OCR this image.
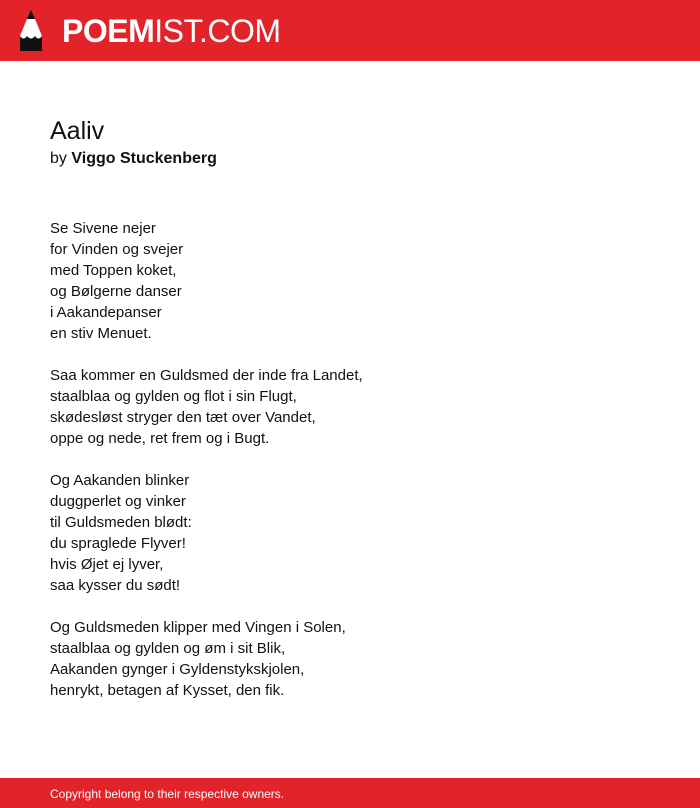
POEMIST.COM
Aaliv
by Viggo Stuckenberg
Se Sivene nejer
for Vinden og svejer
med Toppen koket,
og Bølgerne danser
i Aakandepanser
en stiv Menuet.
Saa kommer en Guldsmed der inde fra Landet,
staalblaa og gylden og flot i sin Flugt,
skødesløst stryger den tæt over Vandet,
oppe og nede, ret frem og i Bugt.
Og Aakanden blinker
duggperlet og vinker
til Guldsmeden blødt:
du spraglede Flyver!
hvis Øjet ej lyver,
saa kysser du sødt!
Og Guldsmeden klipper med Vingen i Solen,
staalblaa og gylden og øm i sit Blik,
Aakanden gynger i Gyldenstykskjolen,
henrykt, betagen af Kysset, den fik.
Copyright belong to their respective owners.
